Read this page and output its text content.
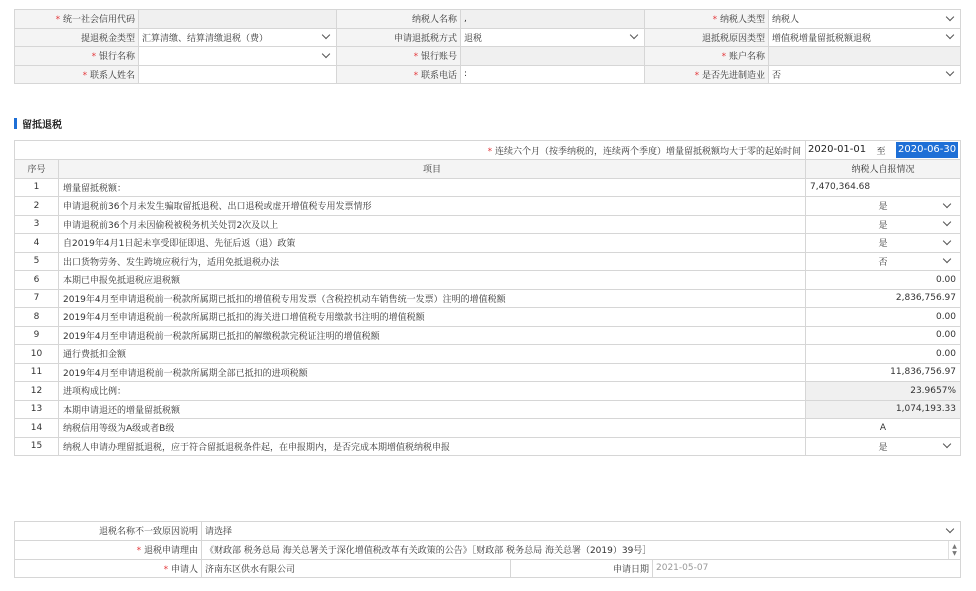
* 统一社会信用代码		纳税人名称	,	* 纳税人类型	纳税人

提退税金类型	汇算清缴、结算清缴退税（费）	申请退抵税方式	退税	退抵税原因类型	增值税增量留抵税额退税

* 银行名称		* 银行账号		* 账户名称	
* 联系人姓名		* 联系电话	:	* 是否先进制造业	否
留抵退税
* 连续六个月（按季纳税的，连续两个季度）增量留抵税额均大于零的起始时间		2020-01-01 至 2020-06-30

序号	项目	纳税人自报情况
1	增量留抵税额：	7,470,364.68
2	申请退税前36个月未发生骗取留抵退税、出口退税或虚开增值税专用发票情形	是

3	申请退税前36个月未因偷税被税务机关处罚2次及以上	是

4	自2019年4月1日起未享受即征即退、先征后返（退）政策	是

5	出口货物劳务、发生跨境应税行为，适用免抵退税办法	否

6	本期已申报免抵退税应退税额	0.00
7	2019年4月至申请退税前一税款所属期已抵扣的增值税专用发票（含税控机动车销售统一发票）注明的增值税额	2,836,756.97
8	2019年4月至申请退税前一税款所属期已抵扣的海关进口增值税专用缴款书注明的增值税额	0.00
9	2019年4月至申请退税前一税款所属期已抵扣的解缴税款完税证注明的增值税额	0.00
10	通行费抵扣金额	0.00
11	2019年4月至申请退税前一税款所属期全部已抵扣的进项税额	11,836,756.97
12	进项构成比例：	23.9657%
13	本期申请退还的增量留抵税额	1,074,193.33
14	纳税信用等级为A级或者B级	A
15	纳税人申请办理留抵退税，应于符合留抵退税条件起，在申报期内，是否完成本期增值税纳税申报	是
退税名称不一致原因说明	请选择		

* 退税申请理由	《财政部 税务总局 海关总署关于深化增值税改革有关政策的公告》［财政部 税务总局 海关总署（2019）39号］ ▲
▼		

* 申请人	济南东区供水有限公司	申请日期	2021-05-07
